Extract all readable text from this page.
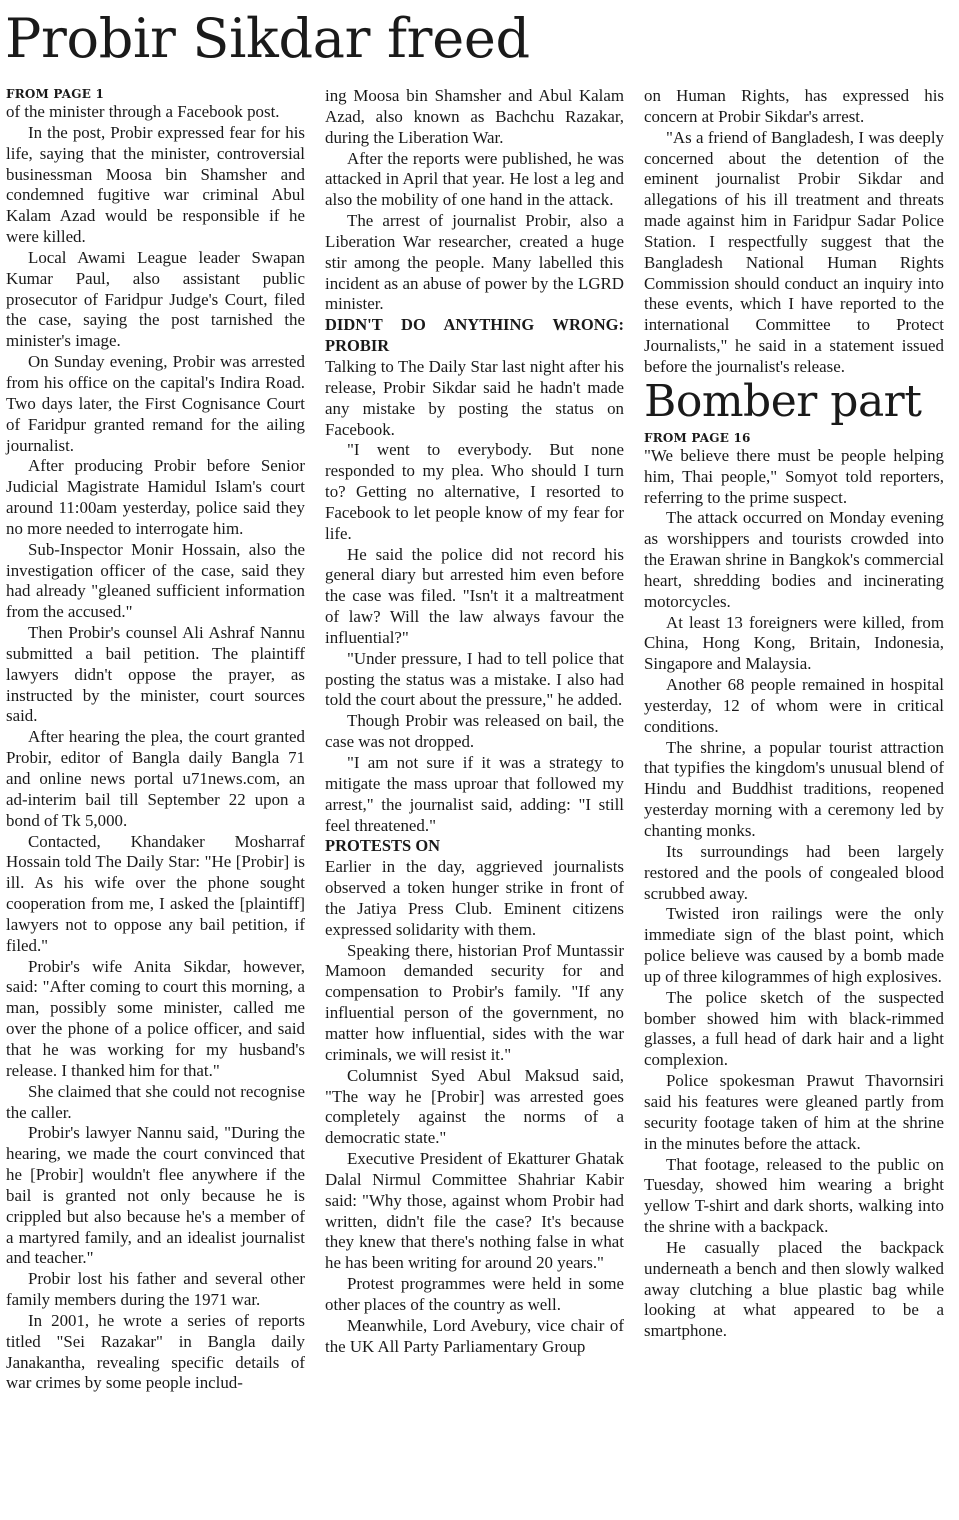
Probir Sikdar freed
FROM PAGE 1

of the minister through a Facebook post.

In the post, Probir expressed fear for his life, saying that the minister, controversial businessman Moosa bin Shamsher and condemned fugitive war criminal Abul Kalam Azad would be responsible if he were killed.

Local Awami League leader Swapan Kumar Paul, also assistant public prosecutor of Faridpur Judge's Court, filed the case, saying the post tarnished the minister's image.

On Sunday evening, Probir was arrested from his office on the capital's Indira Road. Two days later, the First Cognisance Court of Faridpur granted remand for the ailing journalist.

After producing Probir before Senior Judicial Magistrate Hamidul Islam's court around 11:00am yesterday, police said they no more needed to interrogate him.

Sub-Inspector Monir Hossain, also the investigation officer of the case, said they had already "gleaned sufficient information from the accused."

Then Probir's counsel Ali Ashraf Nannu submitted a bail petition. The plaintiff lawyers didn't oppose the prayer, as instructed by the minister, court sources said.

After hearing the plea, the court granted Probir, editor of Bangla daily Bangla 71 and online news portal u71news.com, an ad-interim bail till September 22 upon a bond of Tk 5,000.

Contacted, Khandaker Mosharraf Hossain told The Daily Star: "He [Probir] is ill. As his wife over the phone sought cooperation from me, I asked the [plaintiff] lawyers not to oppose any bail petition, if filed."

Probir's wife Anita Sikdar, however, said: "After coming to court this morning, a man, possibly some minister, called me over the phone of a police officer, and said that he was working for my husband's release. I thanked him for that."

She claimed that she could not recognise the caller.

Probir's lawyer Nannu said, "During the hearing, we made the court convinced that he [Probir] wouldn't flee anywhere if the bail is granted not only because he is crippled but also because he's a member of a martyred family, and an idealist journalist and teacher."

Probir lost his father and several other family members during the 1971 war.

In 2001, he wrote a series of reports titled "Sei Razakar" in Bangla daily Janakantha, revealing specific details of war crimes by some people includ-

ing Moosa bin Shamsher and Abul Kalam Azad, also known as Bachchu Razakar, during the Liberation War.

After the reports were published, he was attacked in April that year. He lost a leg and also the mobility of one hand in the attack.

The arrest of journalist Probir, also a Liberation War researcher, created a huge stir among the people. Many labelled this incident as an abuse of power by the LGRD minister.

DIDN'T DO ANYTHING WRONG: PROBIR

Talking to The Daily Star last night after his release, Probir Sikdar said he hadn't made any mistake by posting the status on Facebook.

"I went to everybody. But none responded to my plea. Who should I turn to? Getting no alternative, I resorted to Facebook to let people know of my fear for life.

He said the police did not record his general diary but arrested him even before the case was filed. "Isn't it a maltreatment of law? Will the law always favour the influential?"

"Under pressure, I had to tell police that posting the status was a mistake. I also had told the court about the pressure," he added.

Though Probir was released on bail, the case was not dropped.

"I am not sure if it was a strategy to mitigate the mass uproar that followed my arrest," the journalist said, adding: "I still feel threatened."

PROTESTS ON

Earlier in the day, aggrieved journalists observed a token hunger strike in front of the Jatiya Press Club. Eminent citizens expressed solidarity with them.

Speaking there, historian Prof Muntassir Mamoon demanded security for and compensation to Probir's family. "If any influential person of the government, no matter how influential, sides with the war criminals, we will resist it."

Columnist Syed Abul Maksud said, "The way he [Probir] was arrested goes completely against the norms of a democratic state."

Executive President of Ekatturer Ghatak Dalal Nirmul Committee Shahriar Kabir said: "Why those, against whom Probir had written, didn't file the case? It's because they knew that there's nothing false in what he has been writing for around 20 years."

Protest programmes were held in some other places of the country as well.

Meanwhile, Lord Avebury, vice chair of the UK All Party Parliamentary Group

on Human Rights, has expressed his concern at Probir Sikdar's arrest.

"As a friend of Bangladesh, I was deeply concerned about the detention of the eminent journalist Probir Sikdar and allegations of his ill treatment and threats made against him in Faridpur Sadar Police Station. I respectfully suggest that the Bangladesh National Human Rights Commission should conduct an inquiry into these events, which I have reported to the international Committee to Protect Journalists," he said in a statement issued before the journalist's release.

Bomber part
FROM PAGE 16

"We believe there must be people helping him, Thai people," Somyot told reporters, referring to the prime suspect.

The attack occurred on Monday evening as worshippers and tourists crowded into the Erawan shrine in Bangkok's commercial heart, shredding bodies and incinerating motorcycles.

At least 13 foreigners were killed, from China, Hong Kong, Britain, Indonesia, Singapore and Malaysia.

Another 68 people remained in hospital yesterday, 12 of whom were in critical conditions.

The shrine, a popular tourist attraction that typifies the kingdom's unusual blend of Hindu and Buddhist traditions, reopened yesterday morning with a ceremony led by chanting monks.

Its surroundings had been largely restored and the pools of congealed blood scrubbed away.

Twisted iron railings were the only immediate sign of the blast point, which police believe was caused by a bomb made up of three kilogrammes of high explosives.

The police sketch of the suspected bomber showed him with black-rimmed glasses, a full head of dark hair and a light complexion.

Police spokesman Prawut Thavornsiri said his features were gleaned partly from security footage taken of him at the shrine in the minutes before the attack.

That footage, released to the public on Tuesday, showed him wearing a bright yellow T-shirt and dark shorts, walking into the shrine with a backpack.

He casually placed the backpack underneath a bench and then slowly walked away clutching a blue plastic bag while looking at what appeared to be a smartphone.
